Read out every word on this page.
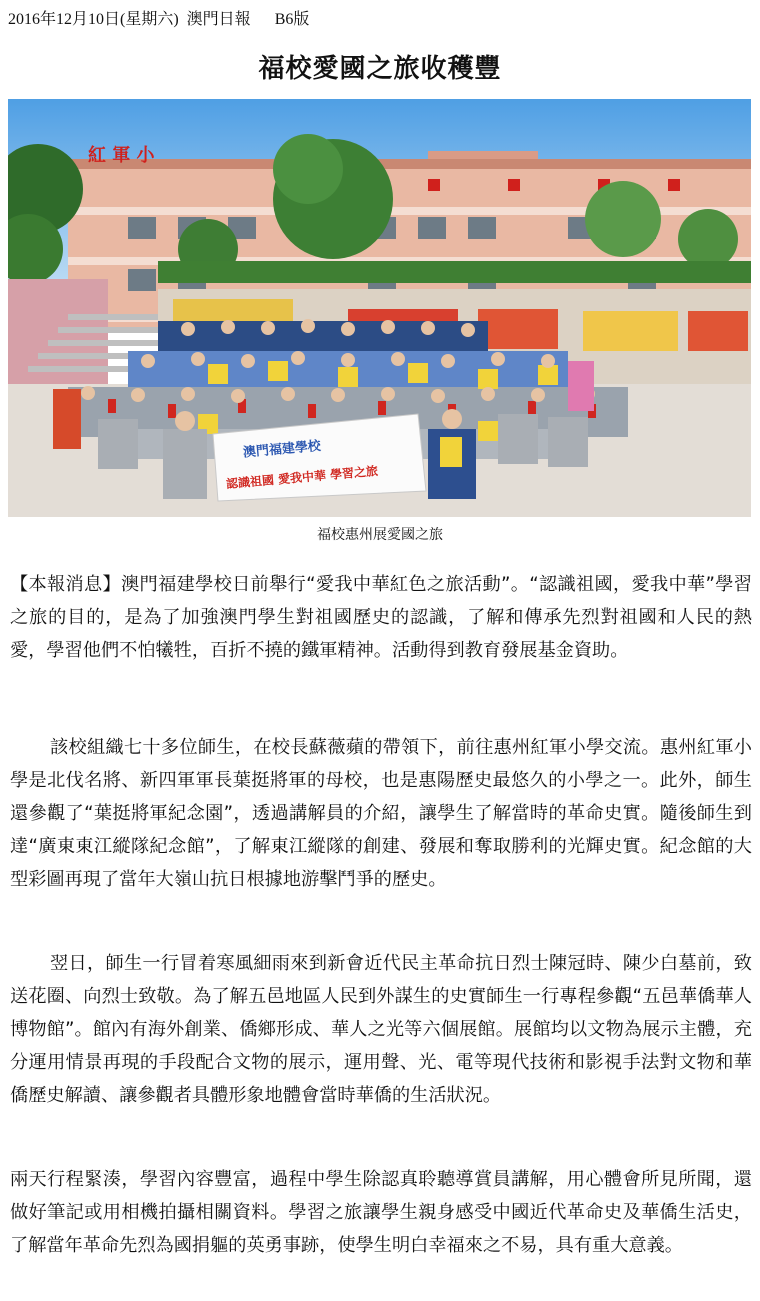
2016年12月10日(星期六) 澳門日報 B6版
福校愛國之旅收穫豐
紅 軍 小
澳門福建學校
認識祖國 愛我中華 學習之旅
福校惠州展愛國之旅

【本報消息】澳門福建學校日前舉行“愛我中華紅色之旅活動”。“認識祖國，愛我中華”學習之旅的目的，是為了加強澳門學生對祖國歷史的認識，了解和傳承先烈對祖國和人民的熱愛，學習他們不怕犧牲，百折不撓的鐵軍精神。活動得到教育發展基金資助。

該校組織七十多位師生，在校長蘇薇蘋的帶領下，前往惠州紅軍小學交流。惠州紅軍小學是北伐名將、新四軍軍長葉挺將軍的母校，也是惠陽歷史最悠久的小學之一。此外，師生還參觀了“葉挺將軍紀念園”，透過講解員的介紹，讓學生了解當時的革命史實。隨後師生到達“廣東東江縱隊紀念館”，了解東江縱隊的創建、發展和奪取勝利的光輝史實。紀念館的大型彩圖再現了當年大嶺山抗日根據地游擊鬥爭的歷史。

翌日，師生一行冒着寒風細雨來到新會近代民主革命抗日烈士陳冠時、陳少白墓前，致送花圈、向烈士致敬。為了解五邑地區人民到外謀生的史實師生一行專程參觀“五邑華僑華人博物館”。館內有海外創業、僑鄉形成、華人之光等六個展館。展館均以文物為展示主體，充分運用情景再現的手段配合文物的展示，運用聲、光、電等現代技術和影視手法對文物和華僑歷史解讀、讓參觀者具體形象地體會當時華僑的生活狀況。

兩天行程緊湊，學習內容豐富，過程中學生除認真聆聽導賞員講解，用心體會所見所聞，還做好筆記或用相機拍攝相關資料。學習之旅讓學生親身感受中國近代革命史及華僑生活史，了解當年革命先烈為國捐軀的英勇事跡，使學生明白幸福來之不易，具有重大意義。
